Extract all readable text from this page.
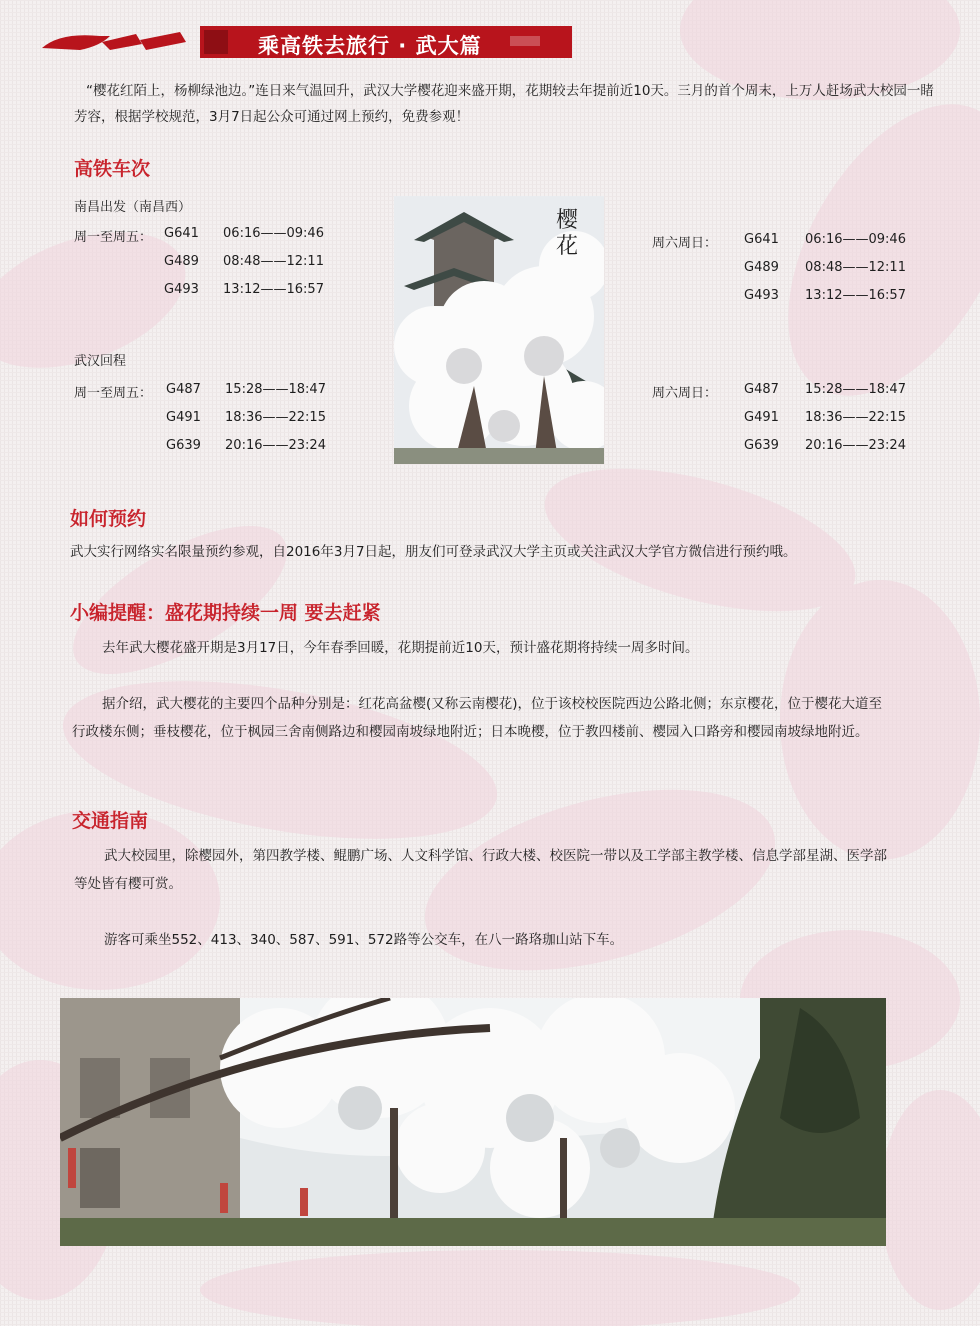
乘高铁去旅行 · 武大篇

“樱花红陌上，杨柳绿池边。”连日来气温回升，武汉大学樱花迎来盛开期，花期较去年提前近10天。三月的首个周末，上万人赶场武大校园一睹芳容，根据学校规范，3月7日起公众可通过网上预约，免费参观！

高铁车次
南昌出发（南昌西）
周一至周五： G641 06:16——09:46
G489 08:48——12:11
G493 13:12——16:57
武汉回程
周一至周五： G487 15:28——18:47
G491 18:36——22:15
G639 20:16——23:24
樱花	周六周日： G641 06:16——09:46
G489 08:48——12:11
G493 13:12——16:57
周六周日： G487 15:28——18:47
G491 18:36——22:15
G639 20:16——23:24
如何预约

武大实行网络实名限量预约参观，自2016年3月7日起，朋友们可登录武汉大学主页或关注武汉大学官方微信进行预约哦。

小编提醒：盛花期持续一周 要去赶紧

去年武大樱花盛开期是3月17日，今年春季回暖，花期提前近10天，预计盛花期将持续一周多时间。

据介绍，武大樱花的主要四个品种分别是：红花高盆樱(又称云南樱花)，位于该校校医院西边公路北侧；东京樱花，位于樱花大道至行政楼东侧；垂枝樱花，位于枫园三舍南侧路边和樱园南坡绿地附近；日本晚樱，位于教四楼前、樱园入口路旁和樱园南坡绿地附近。

交通指南

武大校园里，除樱园外，第四教学楼、鲲鹏广场、人文科学馆、行政大楼、校医院一带以及工学部主教学楼、信息学部星湖、医学部等处皆有樱可赏。

游客可乘坐552、413、340、587、591、572路等公交车，在八一路珞珈山站下车。
